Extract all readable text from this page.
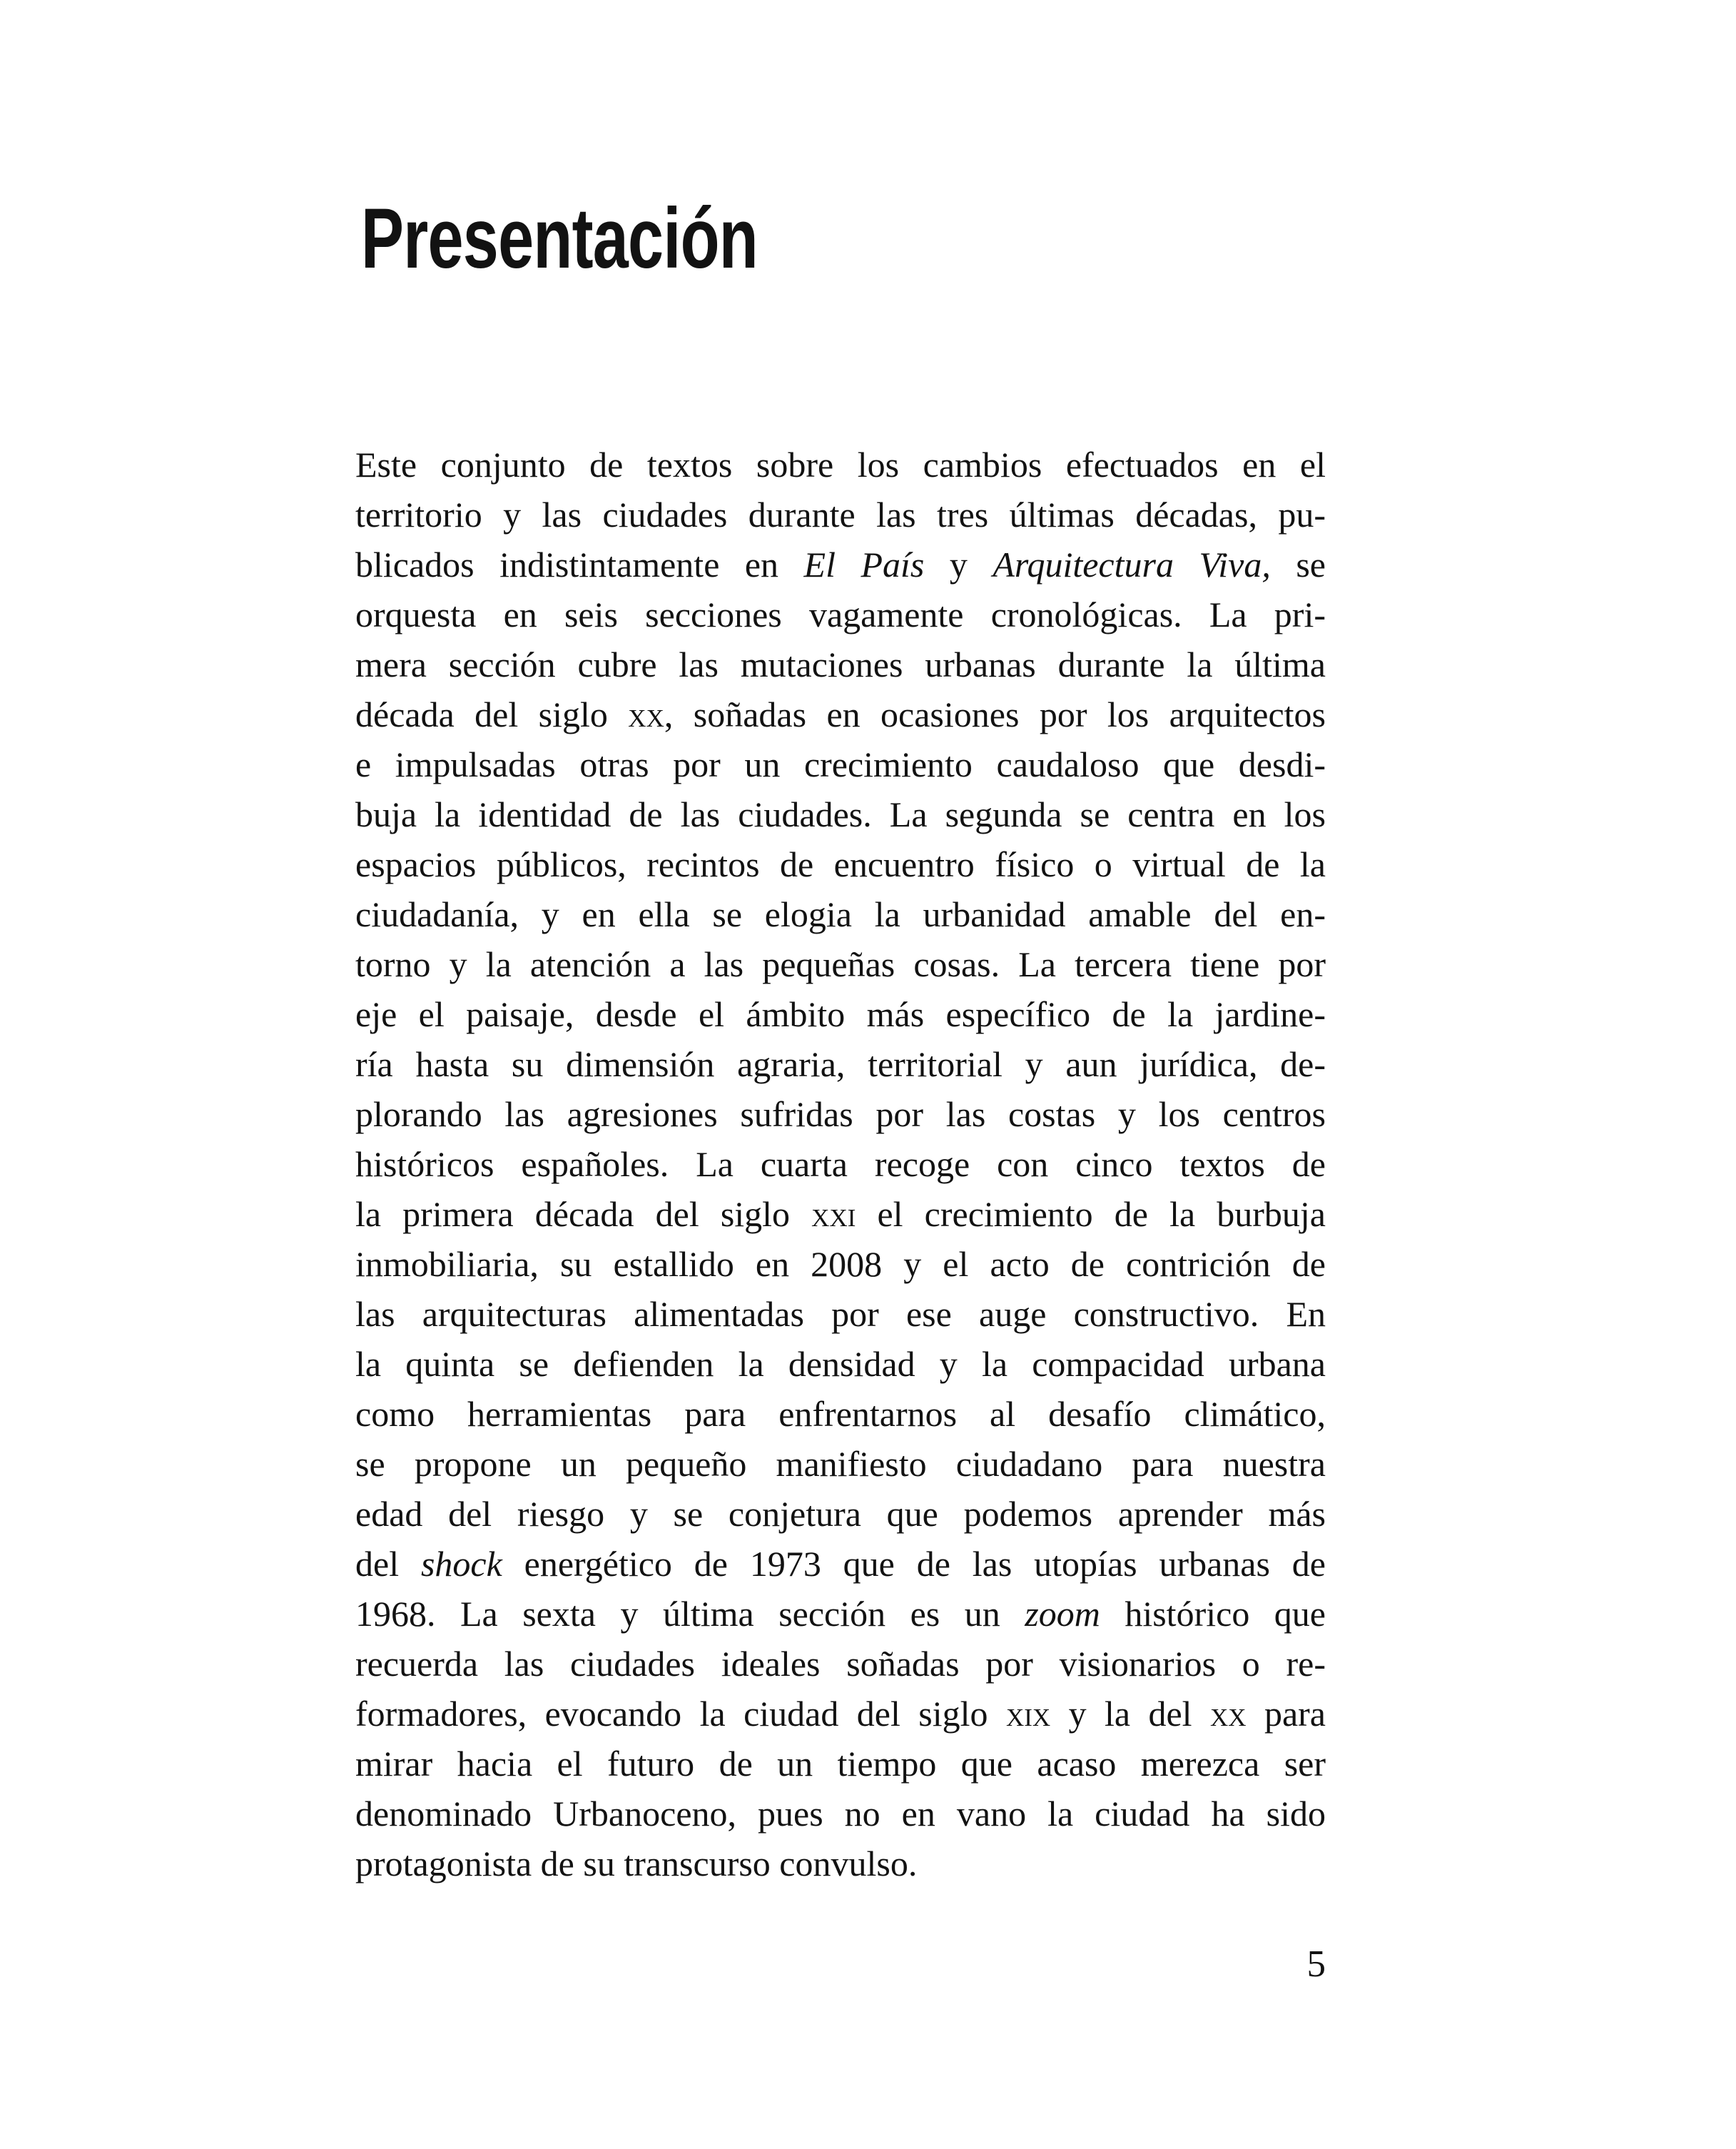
Presentación
Este conjunto de textos sobre los cambios efectuados en el
territorio y las ciudades durante las tres últimas décadas, pu-
blicados indistintamente en El País y Arquitectura Viva, se
orquesta en seis secciones vagamente cronológicas. La pri-
mera sección cubre las mutaciones urbanas durante la última
década del siglo xx, soñadas en ocasiones por los arquitectos
e impulsadas otras por un crecimiento caudaloso que desdi-
buja la identidad de las ciudades. La segunda se centra en los
espacios públicos, recintos de encuentro físico o virtual de la
ciudadanía, y en ella se elogia la urbanidad amable del en-
torno y la atención a las pequeñas cosas. La tercera tiene por
eje el paisaje, desde el ámbito más específico de la jardine-
ría hasta su dimensión agraria, territorial y aun jurídica, de-
plorando las agresiones sufridas por las costas y los centros
históricos españoles. La cuarta recoge con cinco textos de
la primera década del siglo xxi el crecimiento de la burbuja
inmobiliaria, su estallido en 2008 y el acto de contrición de
las arquitecturas alimentadas por ese auge constructivo. En
la quinta se defienden la densidad y la compacidad urbana
como herramientas para enfrentarnos al desafío climático,
se propone un pequeño manifiesto ciudadano para nuestra
edad del riesgo y se conjetura que podemos aprender más
del shock energético de 1973 que de las utopías urbanas de
1968. La sexta y última sección es un zoom histórico que
recuerda las ciudades ideales soñadas por visionarios o re-
formadores, evocando la ciudad del siglo xix y la del xx para
mirar hacia el futuro de un tiempo que acaso merezca ser
denominado Urbanoceno, pues no en vano la ciudad ha sido
protagonista de su transcurso convulso.
5
